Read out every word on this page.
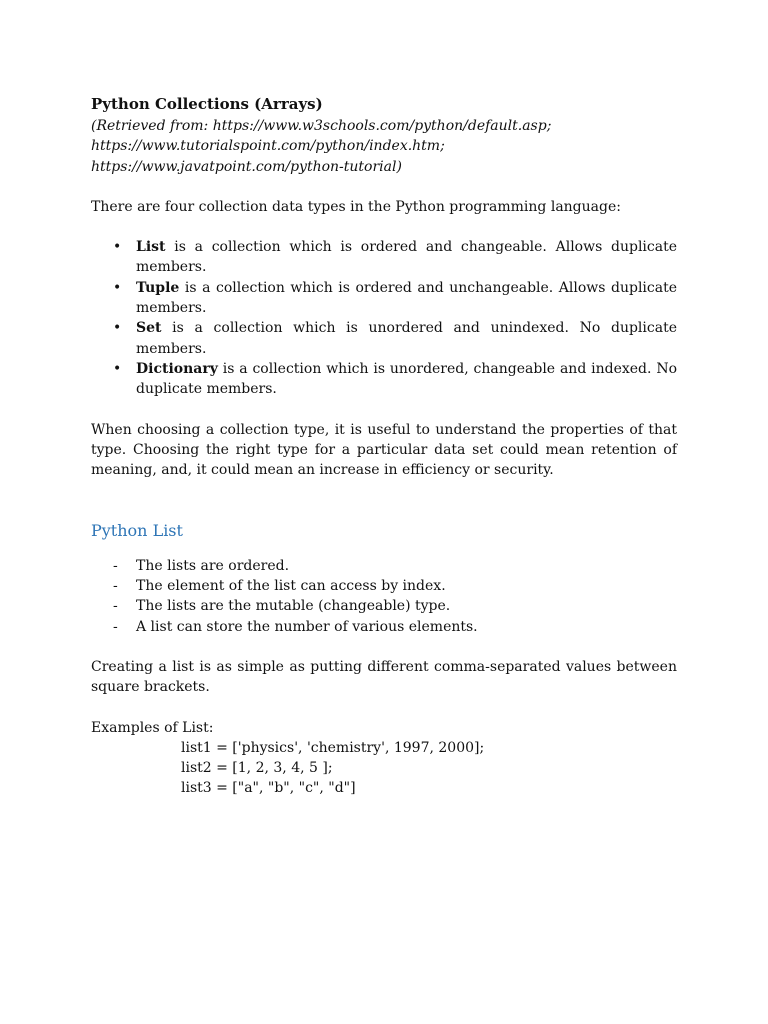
Python Collections (Arrays)

(Retrieved from: https://www.w3schools.com/python/default.asp;
https://www.tutorialspoint.com/python/index.htm;
https://www.javatpoint.com/python-tutorial)

There are four collection data types in the Python programming language:

• List is a collection which is ordered and changeable. Allows duplicate members.
• Tuple is a collection which is ordered and unchangeable. Allows duplicate members.
• Set is a collection which is unordered and unindexed. No duplicate members.
• Dictionary is a collection which is unordered, changeable and indexed. No duplicate members.

When choosing a collection type, it is useful to understand the properties of that type. Choosing the right type for a particular data set could mean retention of meaning, and, it could mean an increase in efficiency or security.

Python List
- The lists are ordered.
- The element of the list can access by index.
- The lists are the mutable (changeable) type.
- A list can store the number of various elements.

Creating a list is as simple as putting different comma-separated values between square brackets.

Examples of List:

list1 = ['physics', 'chemistry', 1997, 2000];
list2 = [1, 2, 3, 4, 5 ];
list3 = ["a", "b", "c", "d"]
